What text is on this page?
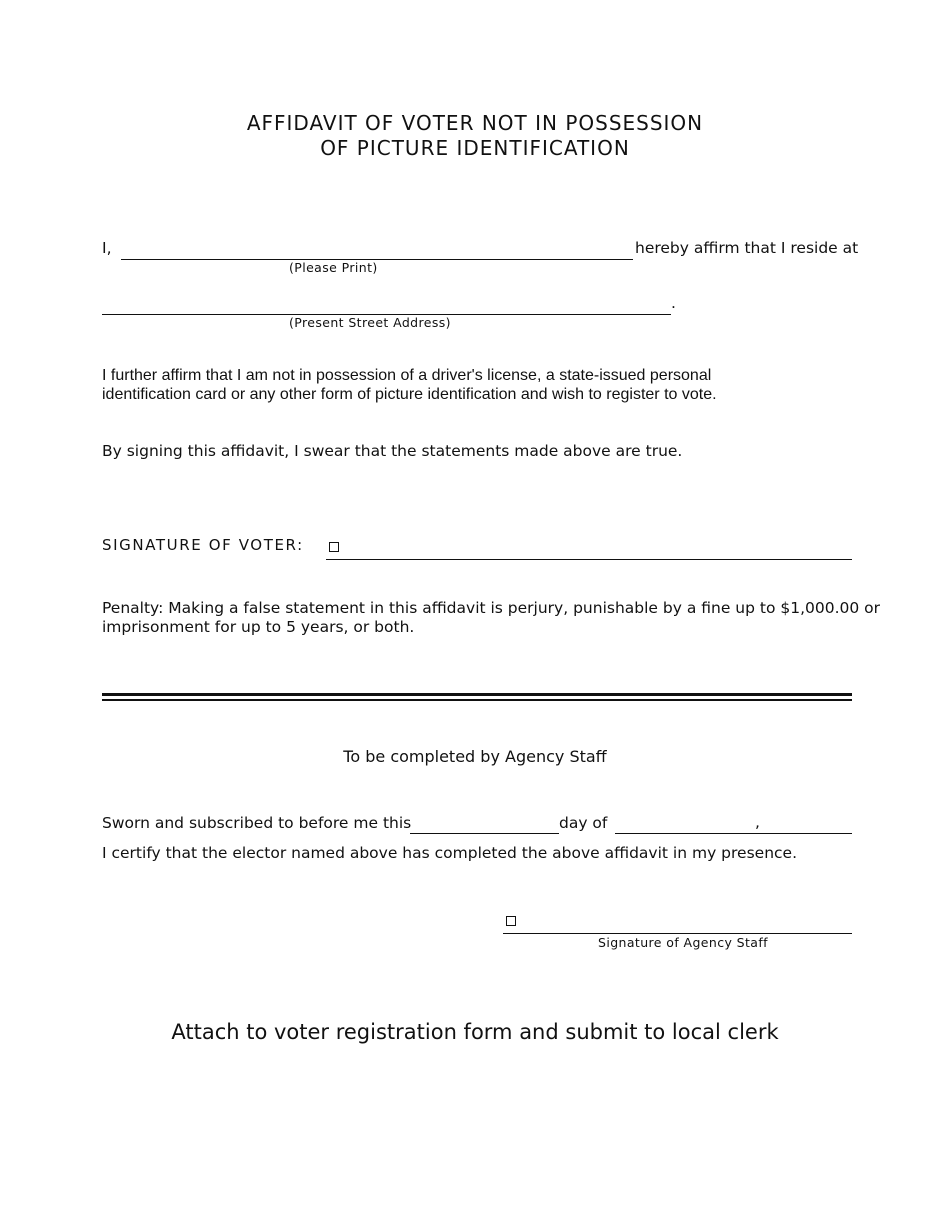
AFFIDAVIT OF VOTER NOT IN POSSESSION
OF PICTURE IDENTIFICATION
I,	hereby affirm that I reside at
(Please Print)
.
(Present Street Address)
I further affirm that I am not in possession of a driver's license, a state-issued personal
identification card or any other form of picture identification and wish to register to vote.
By signing this affidavit, I swear that the statements made above are true.
SIGNATURE OF VOTER:
Penalty: Making a false statement in this affidavit is perjury, punishable by a fine up to $1,000.00 or
imprisonment for up to 5 years, or both.
To be completed by Agency Staff
Sworn and subscribed to before me this	day of	,
I certify that the elector named above has completed the above affidavit in my presence.
Signature of Agency Staff
Attach to voter registration form and submit to local clerk
